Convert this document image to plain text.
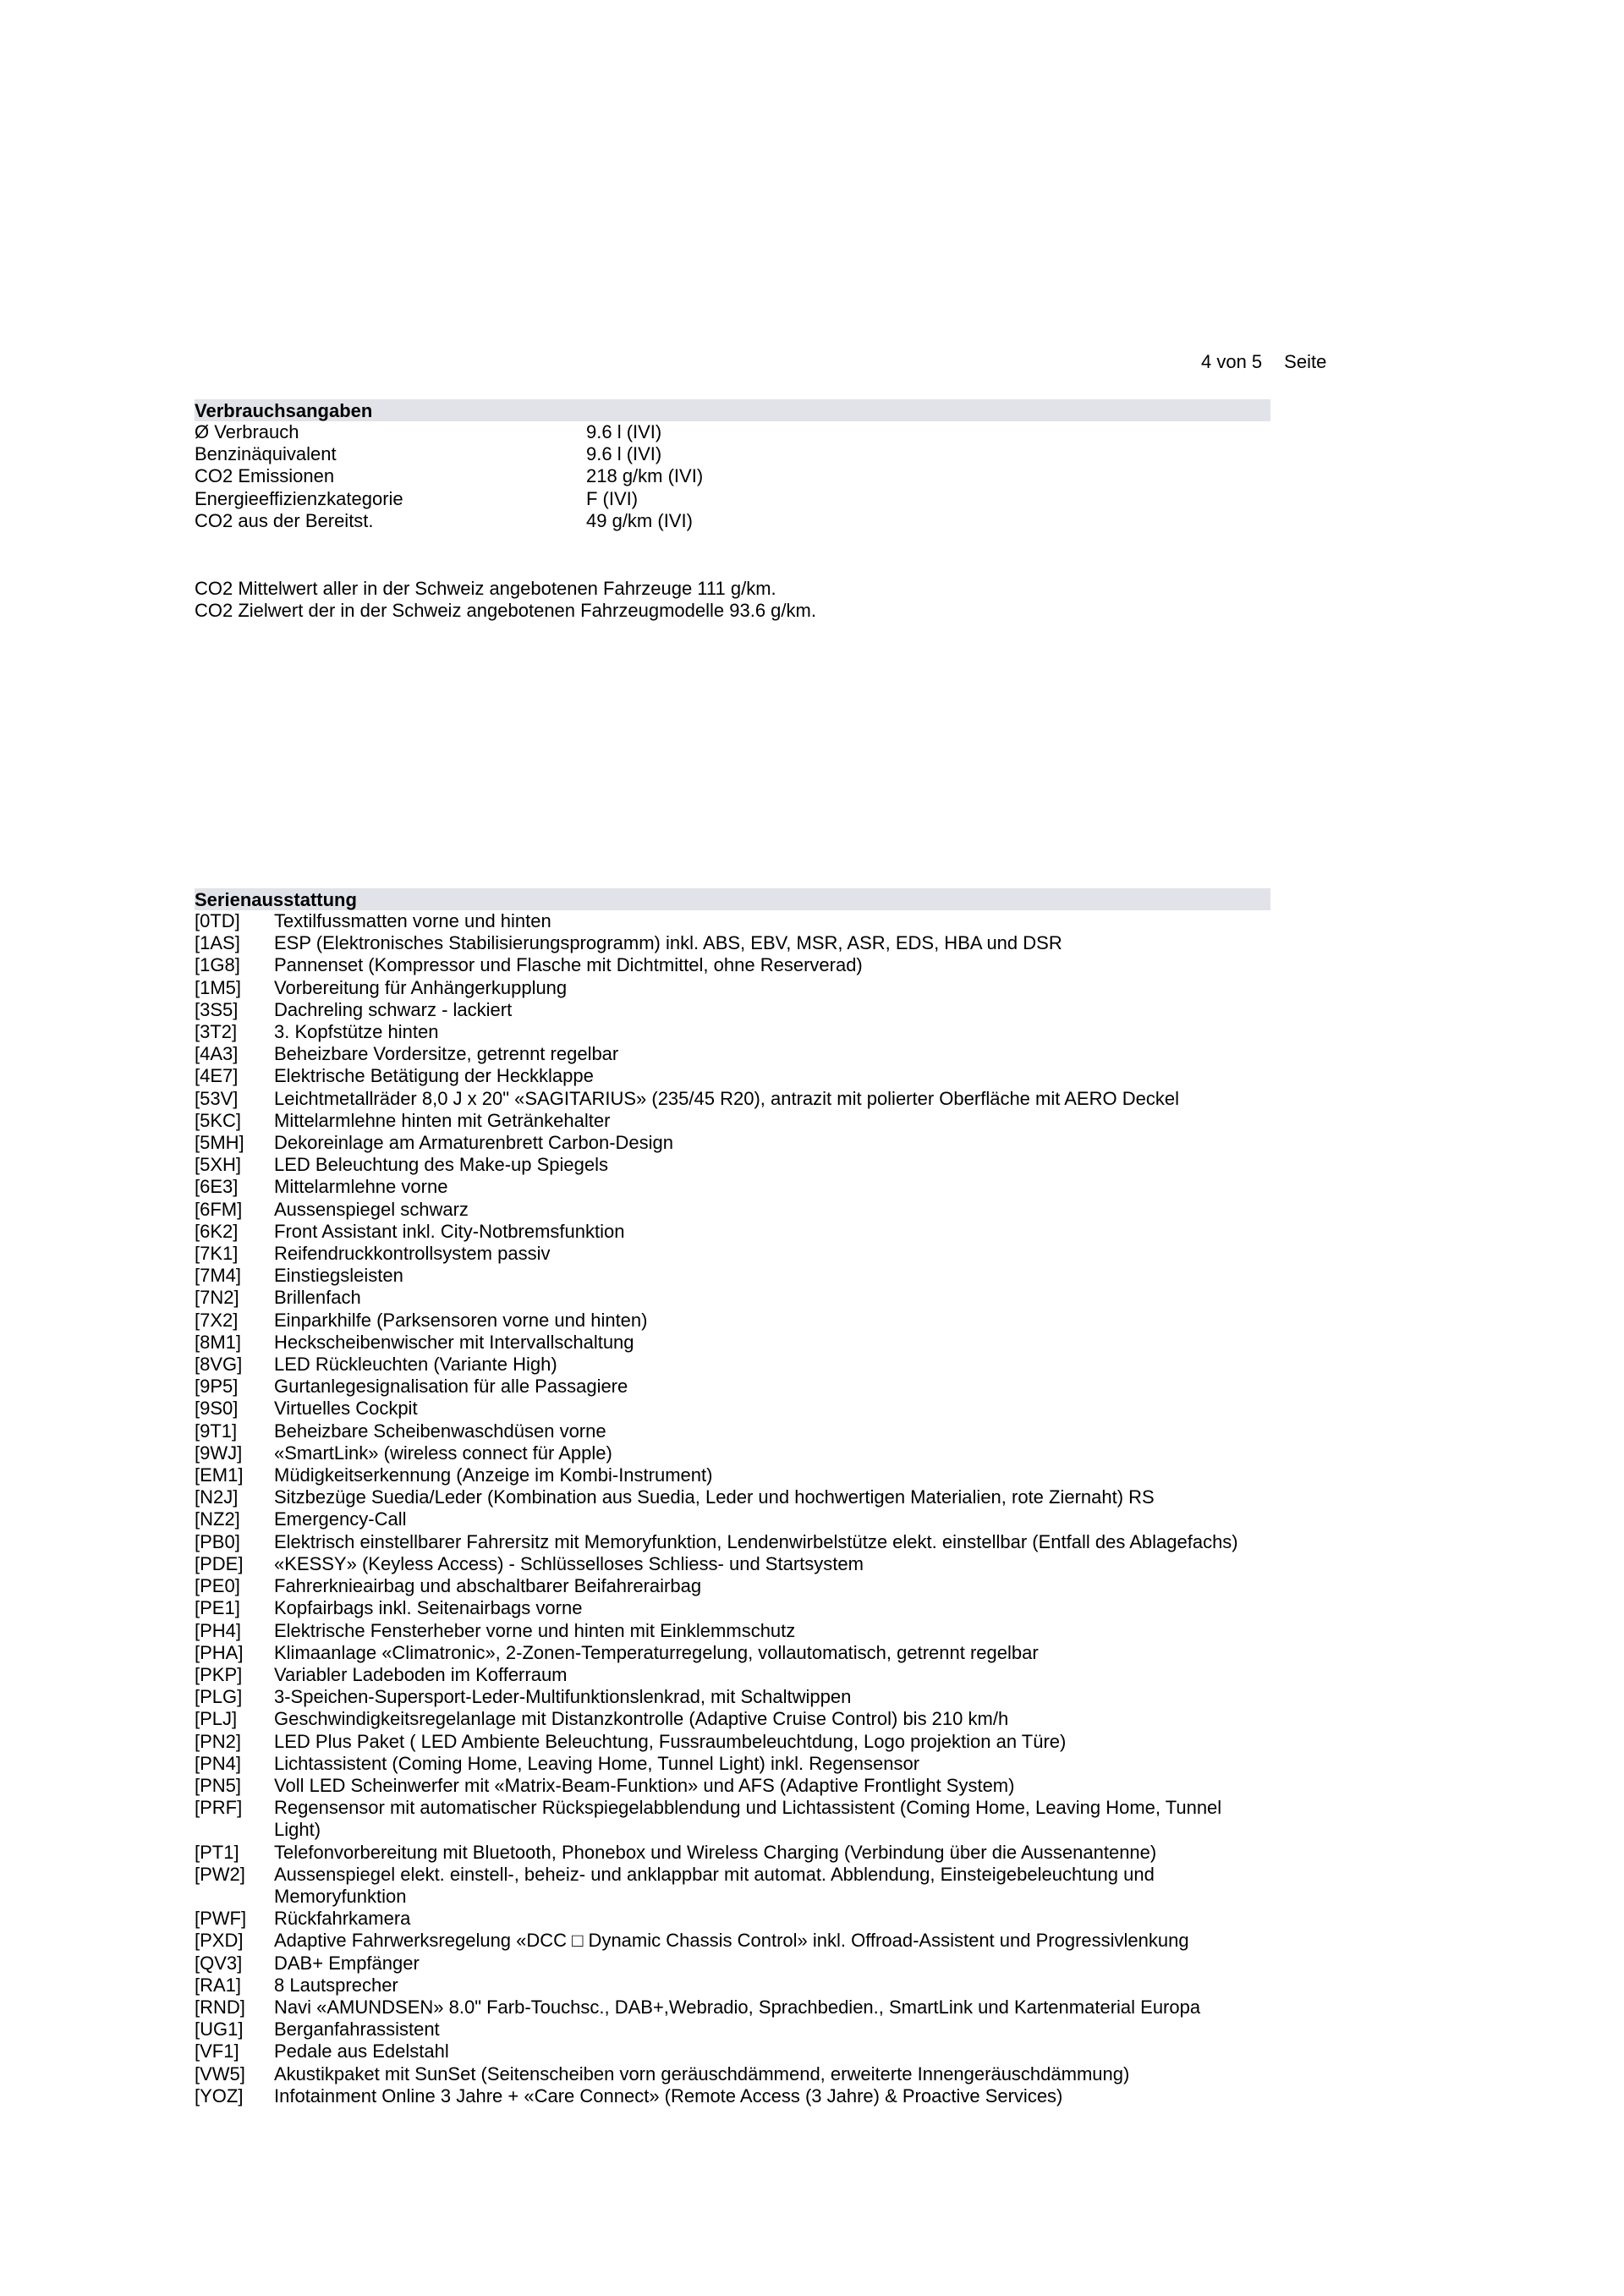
4 von 5 Seite
Verbrauchsangaben
Ø Verbrauch	9.6 l (IVI)
Benzinäquivalent	9.6 l (IVI)
CO2 Emissionen	218 g/km (IVI)
Energieeffizienzkategorie	F (IVI)
CO2 aus der Bereitst.	49 g/km (IVI)
CO2 Mittelwert aller in der Schweiz angebotenen Fahrzeuge 111 g/km.
CO2 Zielwert der in der Schweiz angebotenen Fahrzeugmodelle 93.6 g/km.
Serienausstattung
[0TD]	Textilfussmatten vorne und hinten
[1AS]	ESP (Elektronisches Stabilisierungsprogramm) inkl. ABS, EBV, MSR, ASR, EDS, HBA und DSR
[1G8]	Pannenset (Kompressor und Flasche mit Dichtmittel, ohne Reserverad)
[1M5]	Vorbereitung für Anhängerkupplung
[3S5]	Dachreling schwarz - lackiert
[3T2]	3. Kopfstütze hinten
[4A3]	Beheizbare Vordersitze, getrennt regelbar
[4E7]	Elektrische Betätigung der Heckklappe
[53V]	Leichtmetallräder 8,0 J x 20" «SAGITARIUS» (235/45 R20), antrazit mit polierter Oberfläche mit AERO Deckel
[5KC]	Mittelarmlehne hinten mit Getränkehalter
[5MH]	Dekoreinlage am Armaturenbrett Carbon-Design
[5XH]	LED Beleuchtung des Make-up Spiegels
[6E3]	Mittelarmlehne vorne
[6FM]	Aussenspiegel schwarz
[6K2]	Front Assistant inkl. City-Notbremsfunktion
[7K1]	Reifendruckkontrollsystem passiv
[7M4]	Einstiegsleisten
[7N2]	Brillenfach
[7X2]	Einparkhilfe (Parksensoren vorne und hinten)
[8M1]	Heckscheibenwischer mit Intervallschaltung
[8VG]	LED Rückleuchten (Variante High)
[9P5]	Gurtanlegesignalisation für alle Passagiere
[9S0]	Virtuelles Cockpit
[9T1]	Beheizbare Scheibenwaschdüsen vorne
[9WJ]	«SmartLink» (wireless connect für Apple)
[EM1]	Müdigkeitserkennung (Anzeige im Kombi-Instrument)
[N2J]	Sitzbezüge Suedia/Leder (Kombination aus Suedia, Leder und hochwertigen Materialien, rote Ziernaht) RS
[NZ2]	Emergency-Call
[PB0]	Elektrisch einstellbarer Fahrersitz mit Memoryfunktion, Lendenwirbelstütze elekt. einstellbar (Entfall des Ablagefachs)
[PDE]	«KESSY» (Keyless Access) - Schlüsselloses Schliess- und Startsystem
[PE0]	Fahrerknieairbag und abschaltbarer Beifahrerairbag
[PE1]	Kopfairbags inkl. Seitenairbags vorne
[PH4]	Elektrische Fensterheber vorne und hinten mit Einklemmschutz
[PHA]	Klimaanlage «Climatronic», 2-Zonen-Temperaturregelung, vollautomatisch, getrennt regelbar
[PKP]	Variabler Ladeboden im Kofferraum
[PLG]	3-Speichen-Supersport-Leder-Multifunktionslenkrad, mit Schaltwippen
[PLJ]	Geschwindigkeitsregelanlage mit Distanzkontrolle (Adaptive Cruise Control) bis 210 km/h
[PN2]	LED Plus Paket ( LED Ambiente Beleuchtung, Fussraumbeleuchtdung, Logo projektion an Türe)
[PN4]	Lichtassistent (Coming Home, Leaving Home, Tunnel Light) inkl. Regensensor
[PN5]	Voll LED Scheinwerfer mit «Matrix-Beam-Funktion» und AFS (Adaptive Frontlight System)
[PRF]	Regensensor mit automatischer Rückspiegelabblendung und Lichtassistent (Coming Home, Leaving Home, Tunnel Light)
[PT1]	Telefonvorbereitung mit Bluetooth, Phonebox und Wireless Charging (Verbindung über die Aussenantenne)
[PW2]	Aussenspiegel elekt. einstell-, beheiz- und anklappbar mit automat. Abblendung, Einsteigebeleuchtung und Memoryfunktion
[PWF]	Rückfahrkamera
[PXD]	Adaptive Fahrwerksregelung «DCC □ Dynamic Chassis Control» inkl. Offroad-Assistent und Progressivlenkung
[QV3]	DAB+ Empfänger
[RA1]	8 Lautsprecher
[RND]	Navi «AMUNDSEN» 8.0" Farb-Touchsc., DAB+,Webradio, Sprachbedien., SmartLink und Kartenmaterial Europa
[UG1]	Berganfahrassistent
[VF1]	Pedale aus Edelstahl
[VW5]	Akustikpaket mit SunSet (Seitenscheiben vorn geräuschdämmend, erweiterte Innengeräuschdämmung)
[YOZ]	Infotainment Online 3 Jahre + «Care Connect» (Remote Access (3 Jahre) & Proactive Services)
